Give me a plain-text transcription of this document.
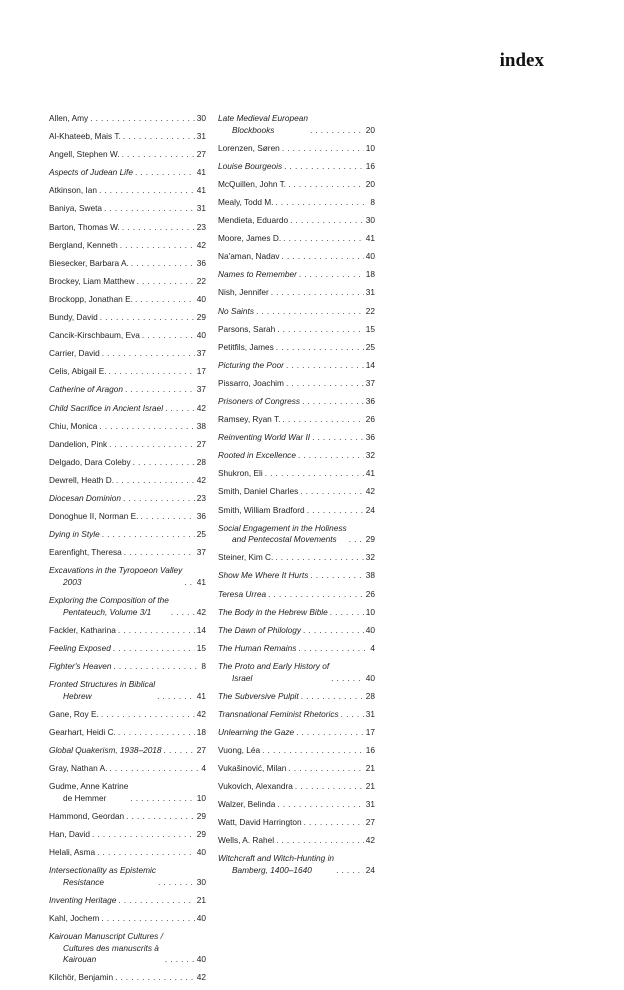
index
Allen, Amy . . .	30
Al-Khateeb, Mais T. . . .	31
Angell, Stephen W. . . .	27
Aspects of Judean Life . . .	41
Atkinson, Ian . . .	41
Baniya, Sweta . . .	31
Barton, Thomas W. . . .	23
Bergland, Kenneth . . .	42
Biesecker, Barbara A. . . .	36
Brockey, Liam Matthew . . .	22
Brockopp, Jonathan E. . . .	40
Bundy, David . . .	29
Cancik-Kirschbaum, Eva . . .	40
Carrier, David . . .	37
Celis, Abigail E. . . .	17
Catherine of Aragon . . .	37
Child Sacrifice in Ancient Israel . . .	42
Chiu, Monica . . .	38
Dandelion, Pink . . .	27
Delgado, Dara Coleby . . .	28
Dewrell, Heath D. . . .	42
Diocesan Dominion . . .	23
Donoghue II, Norman E. . . .	36
Dying in Style . . .	25
Earenfight, Theresa . . .	37
Excavations in the Tyropoeon Valley
2003 . . .	41
Exploring the Composition of the
Pentateuch, Volume 3/1 . . .	42
Fackler, Katharina . . .	14
Feeling Exposed . . .	15
Fighter's Heaven . . .	8
Fronted Structures in Biblical
Hebrew . . .	41
Gane, Roy E. . . .	42
Gearhart, Heidi C. . . .	18
Global Quakerism, 1938–2018 . . .	27
Gray, Nathan A. . . .	4
Gudme, Anne Katrine
de Hemmer . . .	10
Hammond, Geordan . . .	29
Han, David . . .	29
Helali, Asma . . .	40
Intersectionality as Epistemic
Resistance . . .	30
Inventing Heritage . . .	21
Kahl, Jochem . . .	40
Kairouan Manuscript Cultures /
Cultures des manuscrits à
Kairouan . . .	40
Kilchör, Benjamin . . .	42
Late Medieval European
Blockbooks . . .	20
Lorenzen, Søren . . .	10
Louise Bourgeois . . .	16
McQuillen, John T. . . .	20
Mealy, Todd M. . . .	8
Mendieta, Eduardo . . .	30
Moore, James D. . . .	41
Na'aman, Nadav . . .	40
Names to Remember . . .	18
Nish, Jennifer . . .	31
No Saints . . .	22
Parsons, Sarah . . .	15
Petitfils, James . . .	25
Picturing the Poor . . .	14
Pissarro, Joachim . . .	37
Prisoners of Congress . . .	36
Ramsey, Ryan T. . . .	26
Reinventing World War II . . .	36
Rooted in Excellence . . .	32
Shukron, Eli . . .	41
Smith, Daniel Charles . . .	42
Smith, William Bradford . . .	24
Social Engagement in the Holiness
and Pentecostal Movements . . .	29
Steiner, Kim C. . . .	32
Show Me Where It Hurts . . .	38
Teresa Urrea . . .	26
The Body in the Hebrew Bible . . .	10
The Dawn of Philology . . .	40
The Human Remains . . .	4
The Proto and Early History of
Israel . . .	40
The Subversive Pulpit . . .	28
Transnational Feminist Rhetorics . . .	31
Unlearning the Gaze . . .	17
Vuong, Léa . . .	16
Vukašinović, Milan . . .	21
Vukovich, Alexandra . . .	21
Walzer, Belinda . . .	31
Watt, David Harrington . . .	27
Wells, A. Rahel . . .	42
Witchcraft and Witch-Hunting in
Bamberg, 1400–1640 . . .	24
